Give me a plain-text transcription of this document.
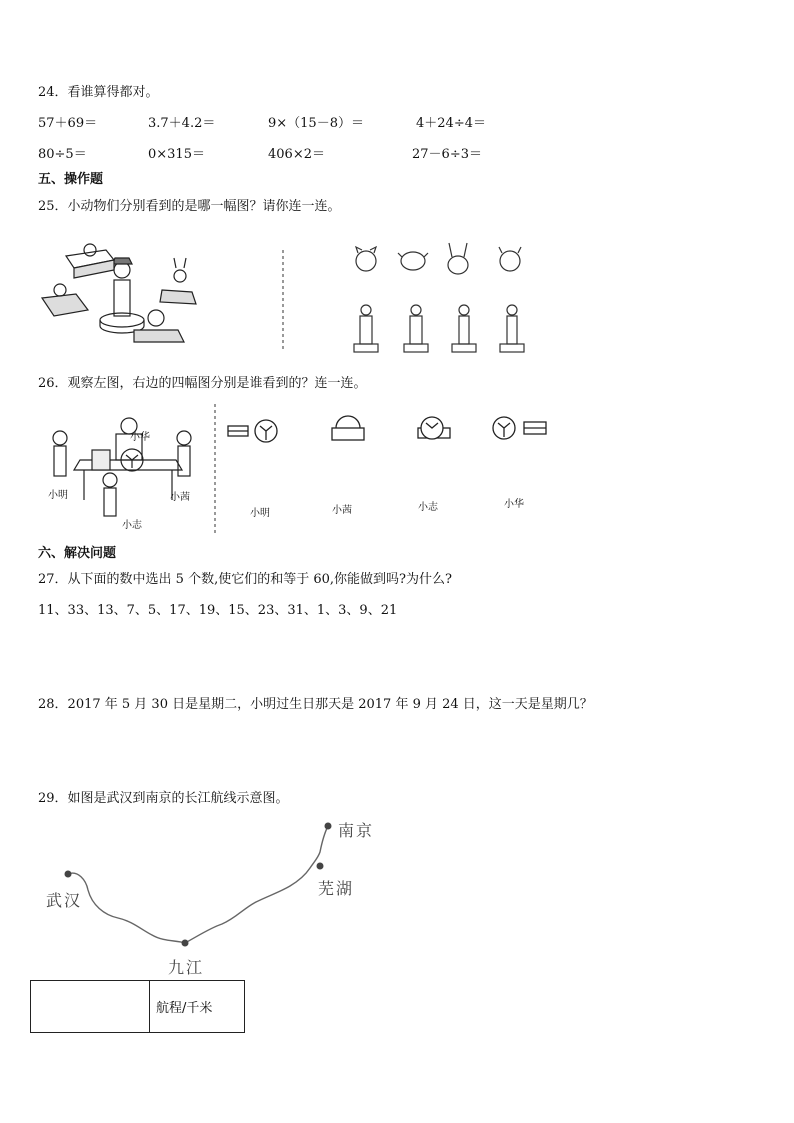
24．看谁算得都对。
57＋69＝	3.7＋4.2＝	9×（15－8）＝	4＋24÷4＝
80÷5＝	0×315＝	406×2＝	27－6÷3＝
五、操作题
25．小动物们分别看到的是哪一幅图？请你连一连。
26．观察左图，右边的四幅图分别是谁看到的？连一连。
小华
小明	小茜
小志
小明	小茜	小志	小华
六、解决问题
27．从下面的数中选出 5 个数,使它们的和等于 60,你能做到吗?为什么?
11、33、13、7、5、17、19、15、23、31、1、3、9、21
28．2017 年 5 月 30 日是星期二，小明过生日那天是 2017 年 9 月 24 日，这一天是星期几？
29．如图是武汉到南京的长江航线示意图。
南京
芜湖
武汉
九江
	航程/千米
